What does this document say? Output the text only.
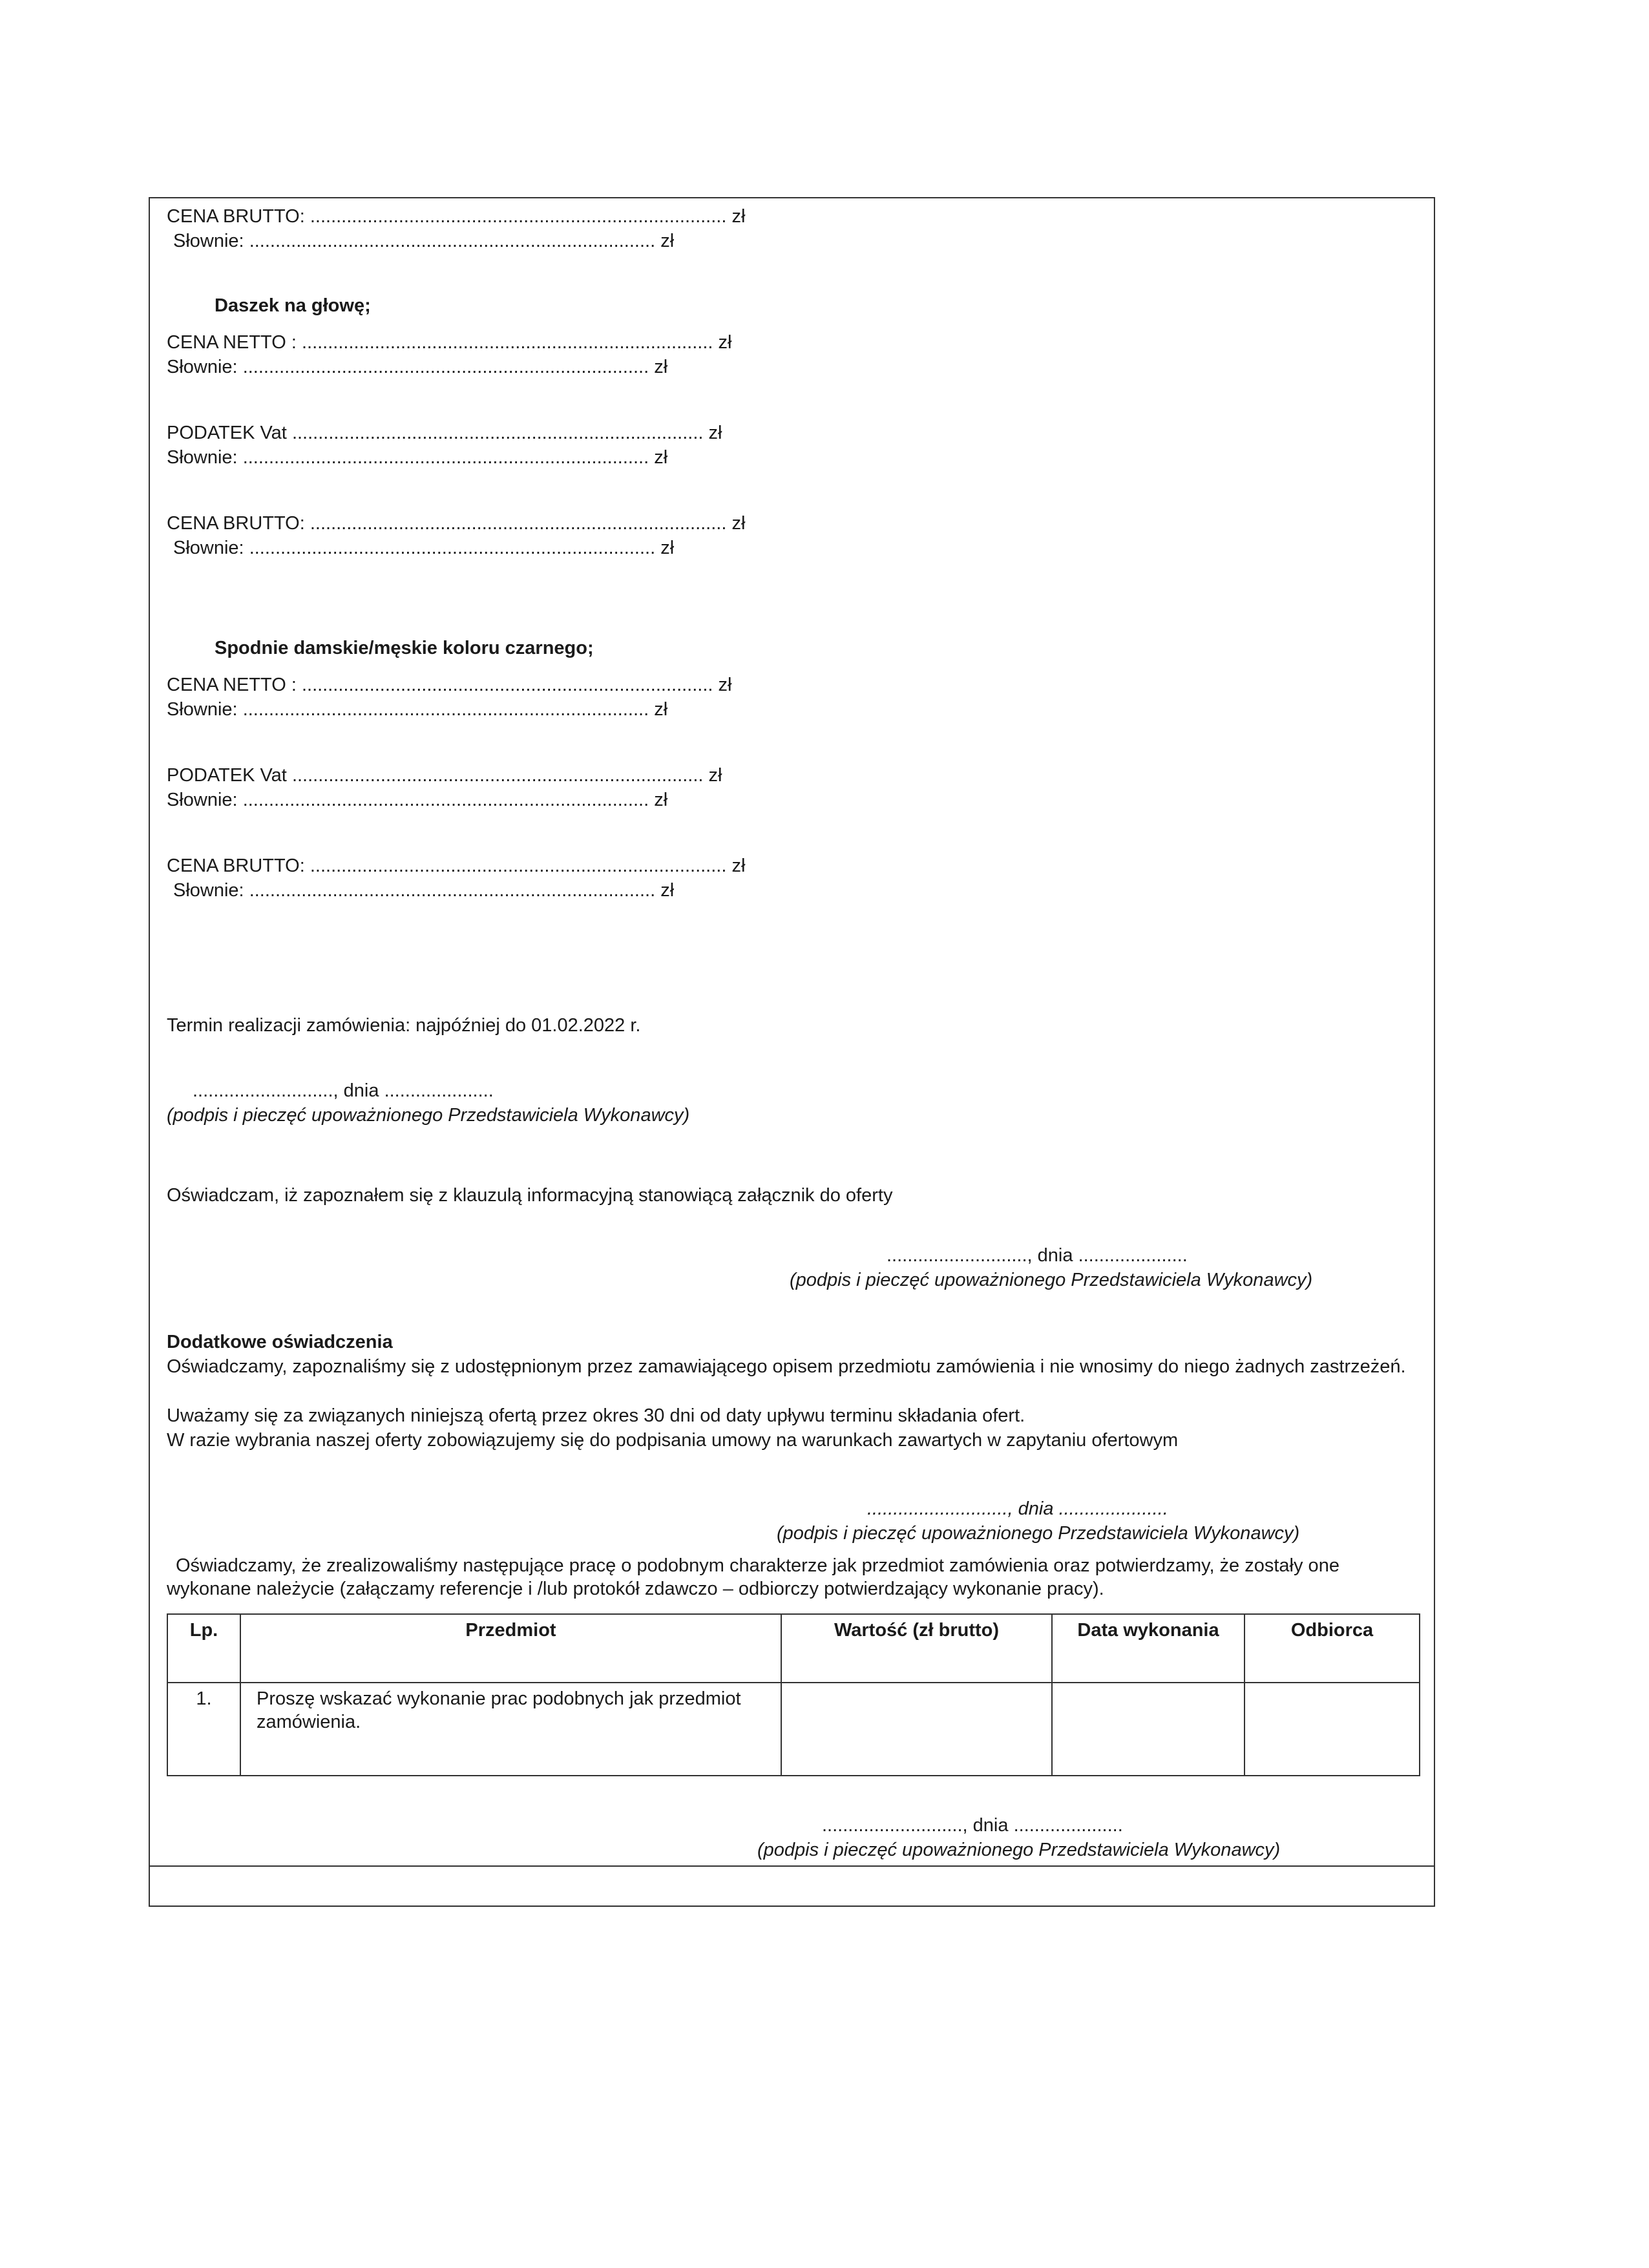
CENA BRUTTO: ................................................................................ zł
Słownie: .............................................................................. zł
Daszek na głowę;
CENA NETTO : ............................................................................... zł
Słownie: .............................................................................. zł
PODATEK Vat ............................................................................... zł
Słownie: .............................................................................. zł
CENA BRUTTO: ................................................................................ zł
Słownie: .............................................................................. zł
Spodnie damskie/męskie koloru czarnego;
CENA NETTO : ............................................................................... zł
Słownie: .............................................................................. zł
PODATEK Vat ............................................................................... zł
Słownie: .............................................................................. zł
CENA BRUTTO: ................................................................................ zł
Słownie: .............................................................................. zł
Termin realizacji zamówienia: najpóźniej do 01.02.2022 r.
..........................., dnia .....................
(podpis i pieczęć upoważnionego Przedstawiciela Wykonawcy)
Oświadczam, iż zapoznałem się z klauzulą informacyjną stanowiącą załącznik do oferty
..........................., dnia .....................
(podpis i pieczęć upoważnionego Przedstawiciela Wykonawcy)
Dodatkowe oświadczenia
Oświadczamy, zapoznaliśmy się z udostępnionym przez zamawiającego opisem przedmiotu zamówienia i nie wnosimy do niego żadnych zastrzeżeń.
Uważamy się za związanych niniejszą ofertą przez okres 30 dni od daty upływu terminu składania ofert.
W razie wybrania naszej oferty zobowiązujemy się do podpisania umowy na warunkach zawartych w zapytaniu ofertowym
..........................., dnia .....................
(podpis i pieczęć upoważnionego Przedstawiciela Wykonawcy)
Oświadczamy, że zrealizowaliśmy następujące pracę o podobnym charakterze jak przedmiot zamówienia oraz potwierdzamy, że zostały one wykonane należycie (załączamy referencje i /lub protokół zdawczo – odbiorczy potwierdzający wykonanie pracy).
Lp.	Przedmiot	Wartość (zł brutto)	Data wykonania	Odbiorca
1.	Proszę wskazać wykonanie prac podobnych jak przedmiot zamówienia.			
..........................., dnia .....................
(podpis i pieczęć upoważnionego Przedstawiciela Wykonawcy)
